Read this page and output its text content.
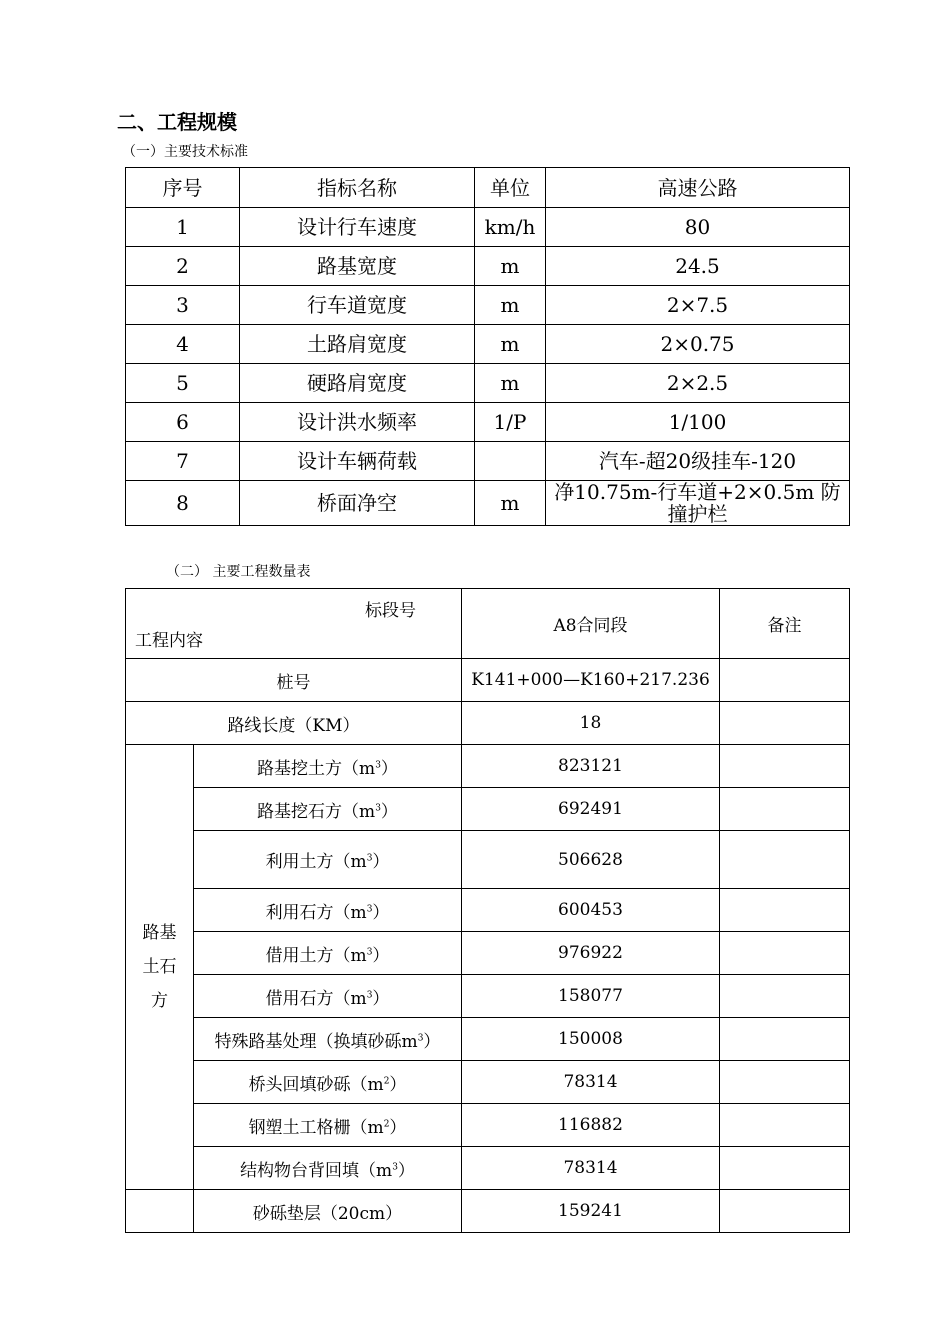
二、工程规模
（一）主要技术标准
序号	指标名称	单位	高速公路
1	设计行车速度	km/h	80
2	路基宽度	m	24.5
3	行车道宽度	m	2×7.5
4	土路肩宽度	m	2×0.75
5	硬路肩宽度	m	2×2.5
6	设计洪水频率	1/P	1/100
7	设计车辆荷载		汽车-超20级挂车-120
8	桥面净空	m	净10.75m-行车道+2×0.5m 防撞护栏
（二） 主要工程数量表
标段号
工程内容		A8合同段	备注
桩号		K141+000—K160+217.236	
路线长度（KM）		18	

路基
土石
方	路基挖土方$(m^3)$	823121	
	路基挖石方$(m^3)$	692491	
	利用土方$(m^3)$	506628	
	利用石方$(m^3)$	600453	
	借用土方$(m^3)$	976922	
	借用石方$(m^3)$	158077	
	特殊路基处理（换填砂砾$m^3$）	150008	
	桥头回填砂砾$(m^2)$	78314	
	钢塑土工格栅$(m^2)$	116882	
	结构物台背回填$(m^3)$	78314	
	砂砾垫层（20cm）	159241	
